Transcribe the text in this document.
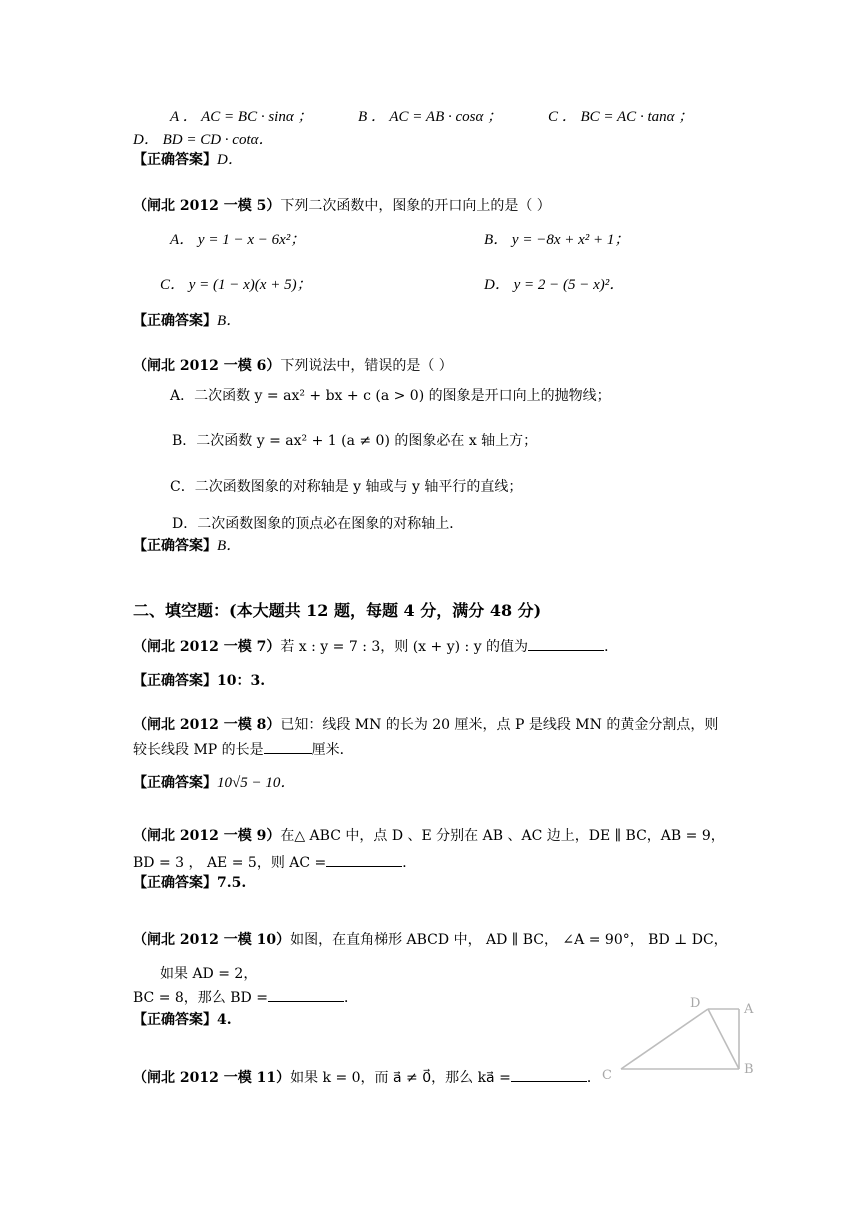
A ． AC = BC · sinα ；	B ． AC = AB · cosα ；	C ． BC = AC · tanα ；
D． BD = CD · cotα．
【正确答案】D．
（闸北 2012 一模 5）下列二次函数中，图象的开口向上的是（ ）
A． y = 1 − x − 6x²；	B． y = −8x + x² + 1；
C． y = (1 − x)(x + 5)；	D． y = 2 − (5 − x)²．
【正确答案】B．
（闸北 2012 一模 6）下列说法中，错误的是（ ）
A．二次函数 y = ax² + bx + c (a > 0) 的图象是开口向上的抛物线；
B．二次函数 y = ax² + 1 (a ≠ 0) 的图象必在 x 轴上方；
C．二次函数图象的对称轴是 y 轴或与 y 轴平行的直线；
D．二次函数图象的顶点必在图象的对称轴上．
【正确答案】B．
二、填空题：(本大题共 12 题，每题 4 分，满分 48 分)
（闸北 2012 一模 7）若 x : y = 7 : 3，则 (x + y) : y 的值为	．
【正确答案】10：3.
（闸北 2012 一模 8）已知：线段 MN 的长为 20 厘米，点 P 是线段 MN 的黄金分割点，则
较长线段 MP 的长是	厘米．
【正确答案】10√5 − 10．
（闸北 2012 一模 9）在△ ABC 中，点 D 、E 分别在 AB 、AC 边上，DE ∥ BC，AB = 9，
BD = 3 ， AE = 5，则 AC =	．
【正确答案】7.5.
（闸北 2012 一模 10）如图，在直角梯形 ABCD 中， AD ∥ BC， ∠A = 90°， BD ⊥ DC，
如果 AD = 2，
BC = 8，那么 BD =	．
【正确答案】4.
D	A
B
C
（闸北 2012 一模 11）如果 k = 0，而 a⃗ ≠ 0⃗，那么 ka⃗ =	．
